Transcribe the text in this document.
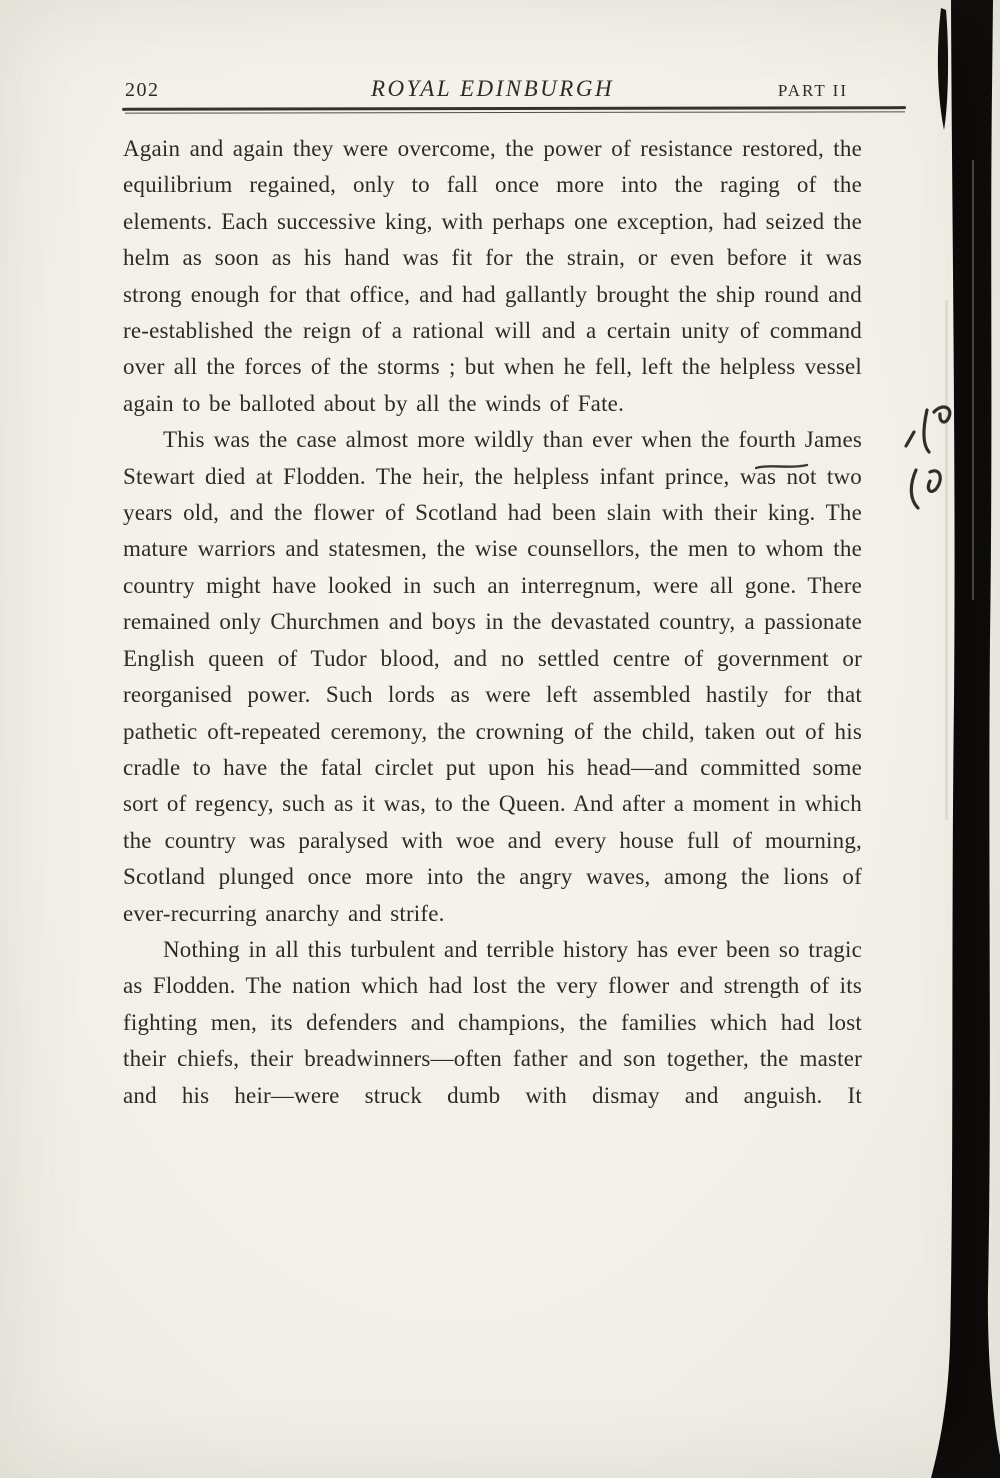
202	ROYAL EDINBURGH	PART II

Again and again they were overcome, the power of resistance restored, the equilibrium regained, only to fall once more into the raging of the elements. Each successive king, with perhaps one exception, had seized the helm as soon as his hand was fit for the strain, or even before it was strong enough for that office, and had gallantly brought the ship round and re-established the reign of a rational will and a certain unity of command over all the forces of the storms ; but when he fell, left the helpless vessel again to be balloted about by all the winds of Fate.

This was the case almost more wildly than ever when the fourth James Stewart died at Flodden. The heir, the helpless infant prince, was not two years old, and the flower of Scotland had been slain with their king. The mature warriors and statesmen, the wise counsellors, the men to whom the country might have looked in such an interregnum, were all gone. There remained only Churchmen and boys in the devastated country, a passionate English queen of Tudor blood, and no settled centre of government or reorganised power. Such lords as were left assembled hastily for that pathetic oft-repeated ceremony, the crowning of the child, taken out of his cradle to have the fatal circlet put upon his head—and committed some sort of regency, such as it was, to the Queen. And after a moment in which the country was paralysed with woe and every house full of mourning, Scotland plunged once more into the angry waves, among the lions of ever-recurring anarchy and strife.

Nothing in all this turbulent and terrible history has ever been so tragic as Flodden. The nation which had lost the very flower and strength of its fighting men, its defenders and champions, the families which had lost their chiefs, their breadwinners—often father and son together, the master and his heir—were struck dumb with dismay and anguish. It
